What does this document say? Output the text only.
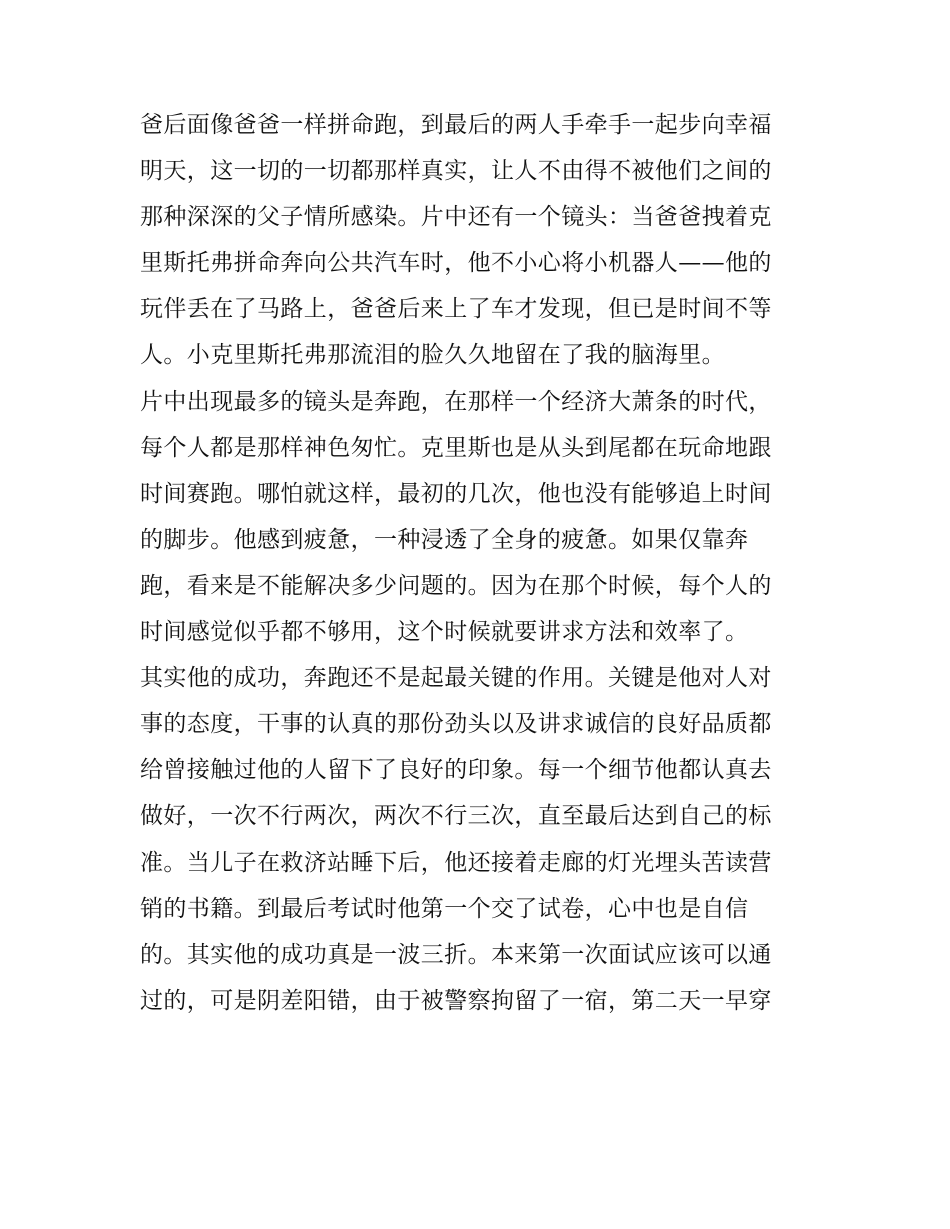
爸后面像爸爸一样拼命跑，到最后的两人手牵手一起步向幸福
明天，这一切的一切都那样真实，让人不由得不被他们之间的
那种深深的父子情所感染。片中还有一个镜头：当爸爸拽着克
里斯托弗拼命奔向公共汽车时，他不小心将小机器人——他的
玩伴丢在了马路上，爸爸后来上了车才发现，但已是时间不等
人。小克里斯托弗那流泪的脸久久地留在了我的脑海里。
片中出现最多的镜头是奔跑，在那样一个经济大萧条的时代，
每个人都是那样神色匆忙。克里斯也是从头到尾都在玩命地跟
时间赛跑。哪怕就这样，最初的几次，他也没有能够追上时间
的脚步。他感到疲惫，一种浸透了全身的疲惫。如果仅靠奔
跑，看来是不能解决多少问题的。因为在那个时候，每个人的
时间感觉似乎都不够用，这个时候就要讲求方法和效率了。
其实他的成功，奔跑还不是起最关键的作用。关键是他对人对
事的态度，干事的认真的那份劲头以及讲求诚信的良好品质都
给曾接触过他的人留下了良好的印象。每一个细节他都认真去
做好，一次不行两次，两次不行三次，直至最后达到自己的标
准。当儿子在救济站睡下后，他还接着走廊的灯光埋头苦读营
销的书籍。到最后考试时他第一个交了试卷，心中也是自信
的。其实他的成功真是一波三折。本来第一次面试应该可以通
过的，可是阴差阳错，由于被警察拘留了一宿，第二天一早穿
